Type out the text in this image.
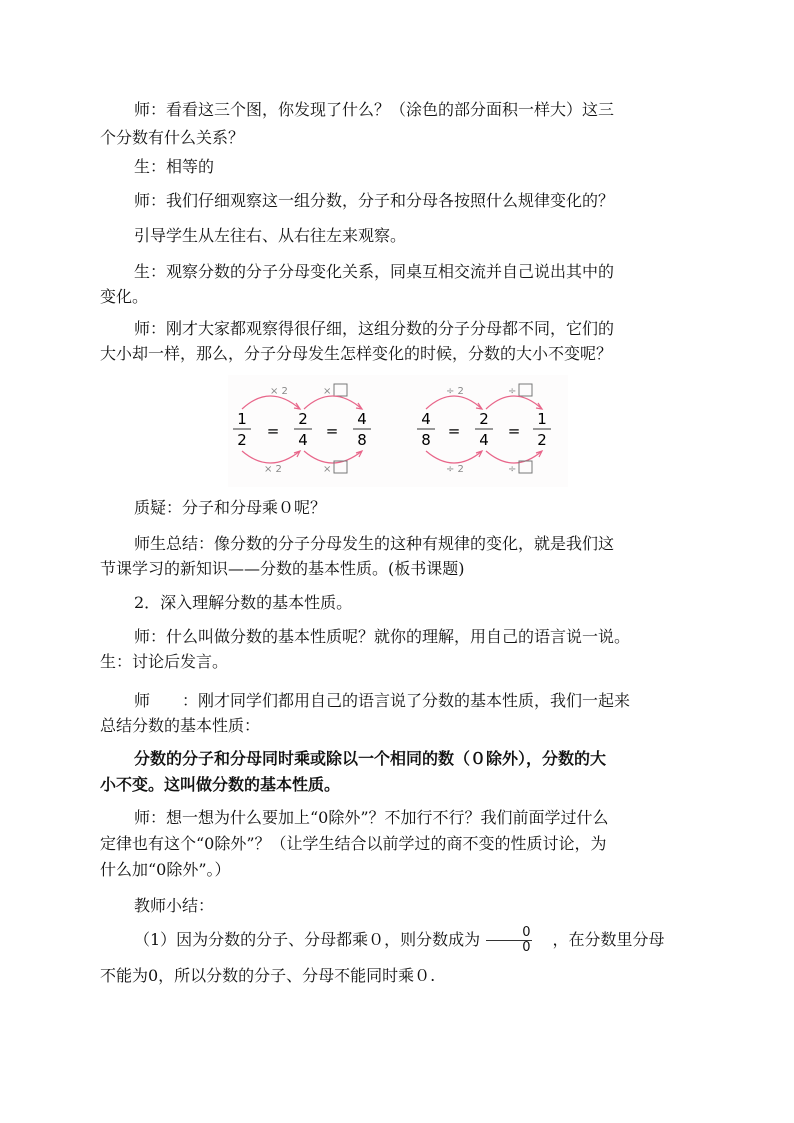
师：看看这三个图，你发现了什么？（涂色的部分面积一样大）这三
个分数有什么关系？
生：相等的
师：我们仔细观察这一组分数，分子和分母各按照什么规律变化的？
引导学生从左往右、从右往左来观察。
生：观察分数的分子分母变化关系，同桌互相交流并自己说出其中的
变化。
师：刚才大家都观察得很仔细，这组分数的分子分母都不同，它们的
大小却一样，那么，分子分母发生怎样变化的时候，分数的大小不变呢？
× 2	×
1
2 =
2
4 =
4
8
× 2	×
÷ 2	÷
4
8 =
2
4 =
1
2
÷ 2	÷
质疑：分子和分母乘０呢？
师生总结：像分数的分子分母发生的这种有规律的变化，就是我们这
节课学习的新知识——分数的基本性质。(板书课题)
2．深入理解分数的基本性质。
师：什么叫做分数的基本性质呢？就你的理解，用自己的语言说一说。
生：讨论后发言。
师　　：刚才同学们都用自己的语言说了分数的基本性质，我们一起来
总结分数的基本性质：
分数的分子和分母同时乘或除以一个相同的数（０除外），分数的大
小不变。这叫做分数的基本性质。
师：想一想为什么要加上“0除外”？不加行不行？我们前面学过什么
定律也有这个“0除外”？（让学生结合以前学过的商不变的性质讨论，为
什么加“0除外”。）
教师小结：
（1）因为分数的分子、分母都乘０，则分数成为 $\frac{0}{0}$ ，在分数里分母
不能为0，所以分数的分子、分母不能同时乘０.
